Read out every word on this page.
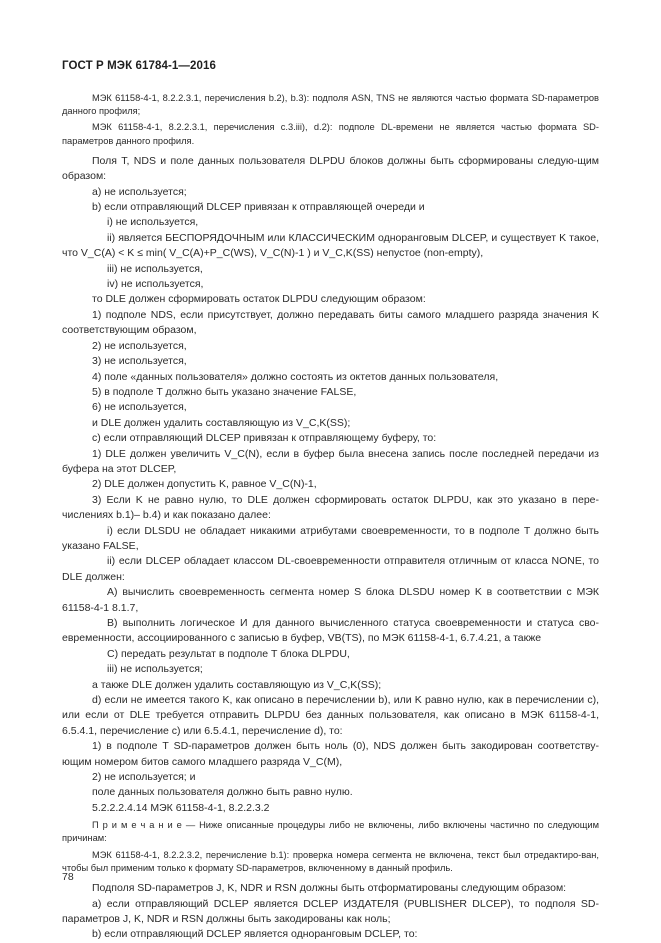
ГОСТ Р МЭК 61784-1—2016

МЭК 61158-4-1, 8.2.2.3.1, перечисления b.2), b.3): подполя ASN, TNS не являются частью формата SD-параметров данного профиля;

МЭК 61158-4-1, 8.2.2.3.1, перечисления c.3.iii), d.2): подполе DL-времени не является частью формата SD-параметров данного профиля.

Поля T, NDS и поле данных пользователя DLPDU блоков должны быть сформированы следую-щим образом:

a) не используется;

b) если отправляющий DLCEP привязан к отправляющей очереди и

i) не используется,

ii) является БЕСПОРЯДОЧНЫМ или КЛАССИЧЕСКИМ одноранговым DLCEP, и существует K такое, что V_C(A) < K ≤ min( V_C(A)+P_C(WS), V_C(N)-1 ) и V_C,K(SS) непустое (non-empty),

iii) не используется,

iv) не используется,

то DLE должен сформировать остаток DLPDU следующим образом:

1) подполе NDS, если присутствует, должно передавать биты самого младшего разряда значения K соответствующим образом,

2) не используется,

3) не используется,

4) поле «данных пользователя» должно состоять из октетов данных пользователя,

5) в подполе T должно быть указано значение FALSE,

6) не используется,

и DLE должен удалить составляющую из V_C,K(SS);

c) если отправляющий DLCEP привязан к отправляющему буферу, то:

1) DLE должен увеличить V_C(N), если в буфер была внесена запись после последней передачи из буфера на этот DLCEP,

2) DLE должен допустить K, равное V_C(N)-1,

3) Если K не равно нулю, то DLE должен сформировать остаток DLPDU, как это указано в пере-числениях b.1)– b.4) и как показано далее:

i) если DLSDU не обладает никакими атрибутами своевременности, то в подполе T должно быть указано FALSE,

ii) если DLCEP обладает классом DL-своевременности отправителя отличным от класса NONE, то DLE должен:

A) вычислить своевременность сегмента номер S блока DLSDU номер K в соответствии с МЭК 61158-4-1 8.1.7,

B) выполнить логическое И для данного вычисленного статуса своевременности и статуса сво-евременности, ассоциированного с записью в буфер, VB(TS), по МЭК 61158-4-1, 6.7.4.21, а также

C) передать результат в подполе T блока DLPDU,

iii) не используется;

а также DLE должен удалить составляющую из V_C,K(SS);

d) если не имеется такого K, как описано в перечислении b), или K равно нулю, как в перечислении c), или если от DLE требуется отправить DLPDU без данных пользователя, как описано в МЭК 61158-4-1, 6.5.4.1, перечисление c) или 6.5.4.1, перечисление d), то:

1) в подполе T SD-параметров должен быть ноль (0), NDS должен быть закодирован соответству-ющим номером битов самого младшего разряда V_C(M),

2) не используется; и

поле данных пользователя должно быть равно нулю.

5.2.2.2.4.14 МЭК 61158-4-1, 8.2.2.3.2

П р и м е ч а н и е — Ниже описанные процедуры либо не включены, либо включены частично по следующим причинам:

МЭК 61158-4-1, 8.2.2.3.2, перечисление b.1): проверка номера сегмента не включена, текст был отредактиро-ван, чтобы был применим только к формату SD-параметров, включенному в данный профиль.

Подполя SD-параметров J, K, NDR и RSN должны быть отформатированы следующим образом:

a) если отправляющий DCLEP является DCLEP ИЗДАТЕЛЯ (PUBLISHER DLCEP), то подполя SD-параметров J, K, NDR и RSN должны быть закодированы как ноль;

b) если отправляющий DCLEP является одноранговым DCLEP, то:

78
